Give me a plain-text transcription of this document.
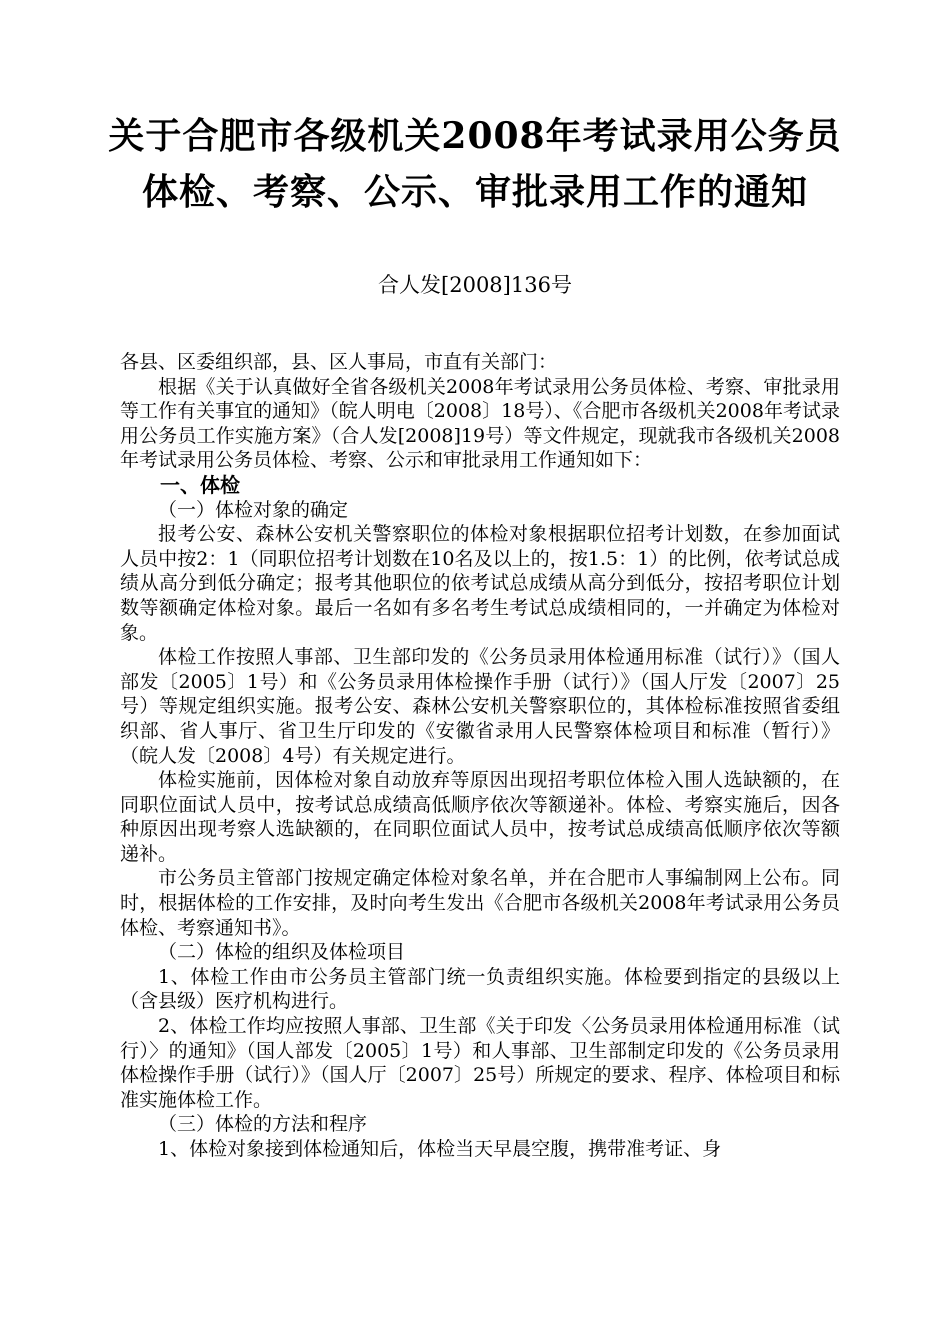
关于合肥市各级机关2008年考试录用公务员
体检、考察、公示、审批录用工作的通知
合人发[2008]136号

各县、区委组织部，县、区人事局，市直有关部门：

根据《关于认真做好全省各级机关2008年考试录用公务员体检、考察、审批录用等工作有关事宜的通知》（皖人明电〔2008〕18号）、《合肥市各级机关2008年考试录用公务员工作实施方案》（合人发[2008]19号）等文件规定，现就我市各级机关2008年考试录用公务员体检、考察、公示和审批录用工作通知如下：

一、体检

（一）体检对象的确定

报考公安、森林公安机关警察职位的体检对象根据职位招考计划数，在参加面试人员中按2：1（同职位招考计划数在10名及以上的，按1.5：1）的比例，依考试总成绩从高分到低分确定；报考其他职位的依考试总成绩从高分到低分，按招考职位计划数等额确定体检对象。最后一名如有多名考生考试总成绩相同的，一并确定为体检对象。

体检工作按照人事部、卫生部印发的《公务员录用体检通用标准（试行）》（国人部发〔2005〕1号）和《公务员录用体检操作手册（试行）》（国人厅发〔2007〕25号）等规定组织实施。报考公安、森林公安机关警察职位的，其体检标准按照省委组织部、省人事厅、省卫生厅印发的《安徽省录用人民警察体检项目和标准（暂行）》（皖人发〔2008〕4号）有关规定进行。

体检实施前，因体检对象自动放弃等原因出现招考职位体检入围人选缺额的，在同职位面试人员中，按考试总成绩高低顺序依次等额递补。体检、考察实施后，因各种原因出现考察人选缺额的，在同职位面试人员中，按考试总成绩高低顺序依次等额递补。

市公务员主管部门按规定确定体检对象名单，并在合肥市人事编制网上公布。同时，根据体检的工作安排，及时向考生发出《合肥市各级机关2008年考试录用公务员体检、考察通知书》。

（二）体检的组织及体检项目

1、体检工作由市公务员主管部门统一负责组织实施。体检要到指定的县级以上（含县级）医疗机构进行。

2、体检工作均应按照人事部、卫生部《关于印发〈公务员录用体检通用标准（试行）〉的通知》（国人部发〔2005〕1号）和人事部、卫生部制定印发的《公务员录用体检操作手册（试行）》（国人厅〔2007〕25号）所规定的要求、程序、体检项目和标准实施体检工作。

（三）体检的方法和程序

1、体检对象接到体检通知后，体检当天早晨空腹，携带准考证、身
